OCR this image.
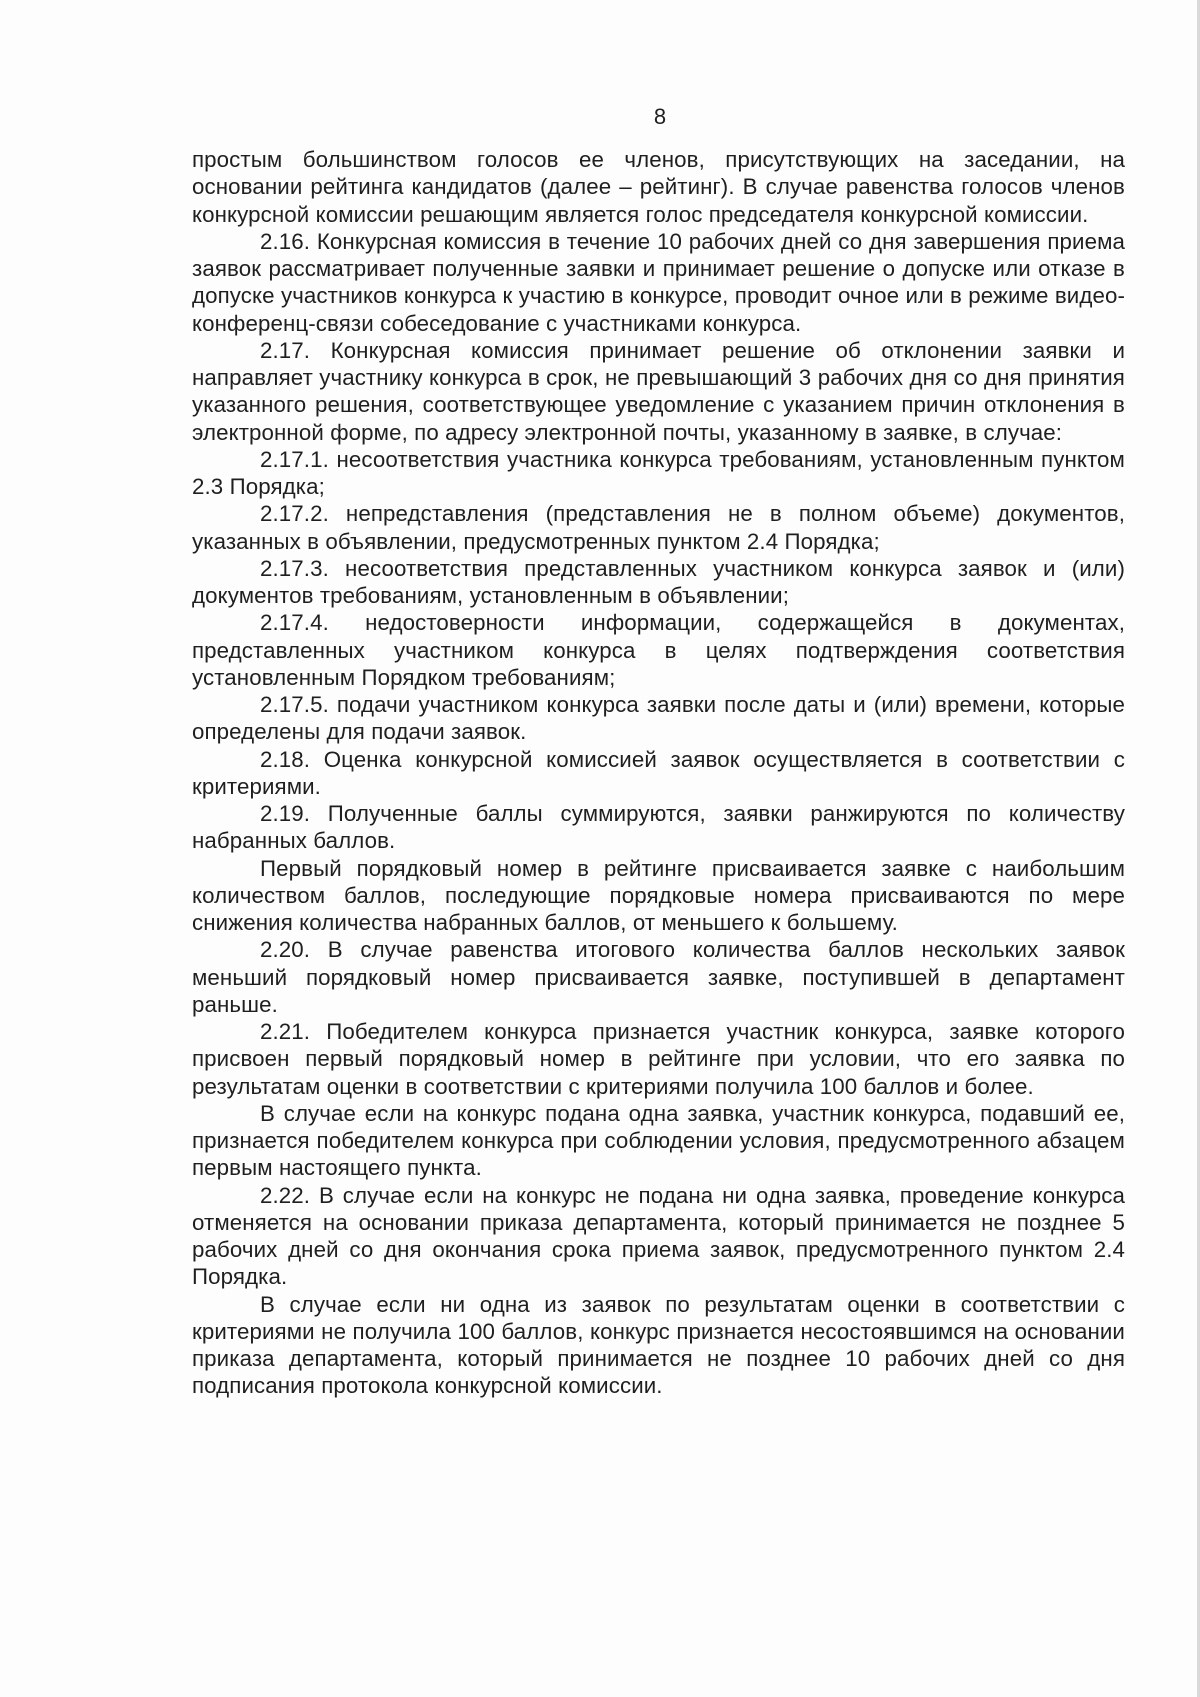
8

простым большинством голосов ее членов, присутствующих на заседании, на основании рейтинга кандидатов (далее – рейтинг). В случае равенства голосов членов конкурсной комиссии решающим является голос председателя конкурсной комиссии.

2.16. Конкурсная комиссия в течение 10 рабочих дней со дня завершения приема заявок рассматривает полученные заявки и принимает решение о допуске или отказе в допуске участников конкурса к участию в конкурсе, проводит очное или в режиме видео-конференц-связи собеседование с участниками конкурса.

2.17. Конкурсная комиссия принимает решение об отклонении заявки и направляет участнику конкурса в срок, не превышающий 3 рабочих дня со дня принятия указанного решения, соответствующее уведомление с указанием причин отклонения в электронной форме, по адресу электронной почты, указанному в заявке, в случае:

2.17.1. несоответствия участника конкурса требованиям, установленным пунктом 2.3 Порядка;

2.17.2. непредставления (представления не в полном объеме) документов, указанных в объявлении, предусмотренных пунктом 2.4 Порядка;

2.17.3. несоответствия представленных участником конкурса заявок и (или) документов требованиям, установленным в объявлении;

2.17.4. недостоверности информации, содержащейся в документах, представленных участником конкурса в целях подтверждения соответствия установленным Порядком требованиям;

2.17.5. подачи участником конкурса заявки после даты и (или) времени, которые определены для подачи заявок.

2.18. Оценка конкурсной комиссией заявок осуществляется в соответствии с критериями.

2.19. Полученные баллы суммируются, заявки ранжируются по количеству набранных баллов.

Первый порядковый номер в рейтинге присваивается заявке с наибольшим количеством баллов, последующие порядковые номера присваиваются по мере снижения количества набранных баллов, от меньшего к большему.

2.20. В случае равенства итогового количества баллов нескольких заявок меньший порядковый номер присваивается заявке, поступившей в департамент раньше.

2.21. Победителем конкурса признается участник конкурса, заявке которого присвоен первый порядковый номер в рейтинге при условии, что его заявка по результатам оценки в соответствии с критериями получила 100 баллов и более.

В случае если на конкурс подана одна заявка, участник конкурса, подавший ее, признается победителем конкурса при соблюдении условия, предусмотренного абзацем первым настоящего пункта.

2.22. В случае если на конкурс не подана ни одна заявка, проведение конкурса отменяется на основании приказа департамента, который принимается не позднее 5 рабочих дней со дня окончания срока приема заявок, предусмотренного пунктом 2.4 Порядка.

В случае если ни одна из заявок по результатам оценки в соответствии с критериями не получила 100 баллов, конкурс признается несостоявшимся на основании приказа департамента, который принимается не позднее 10 рабочих дней со дня подписания протокола конкурсной комиссии.
